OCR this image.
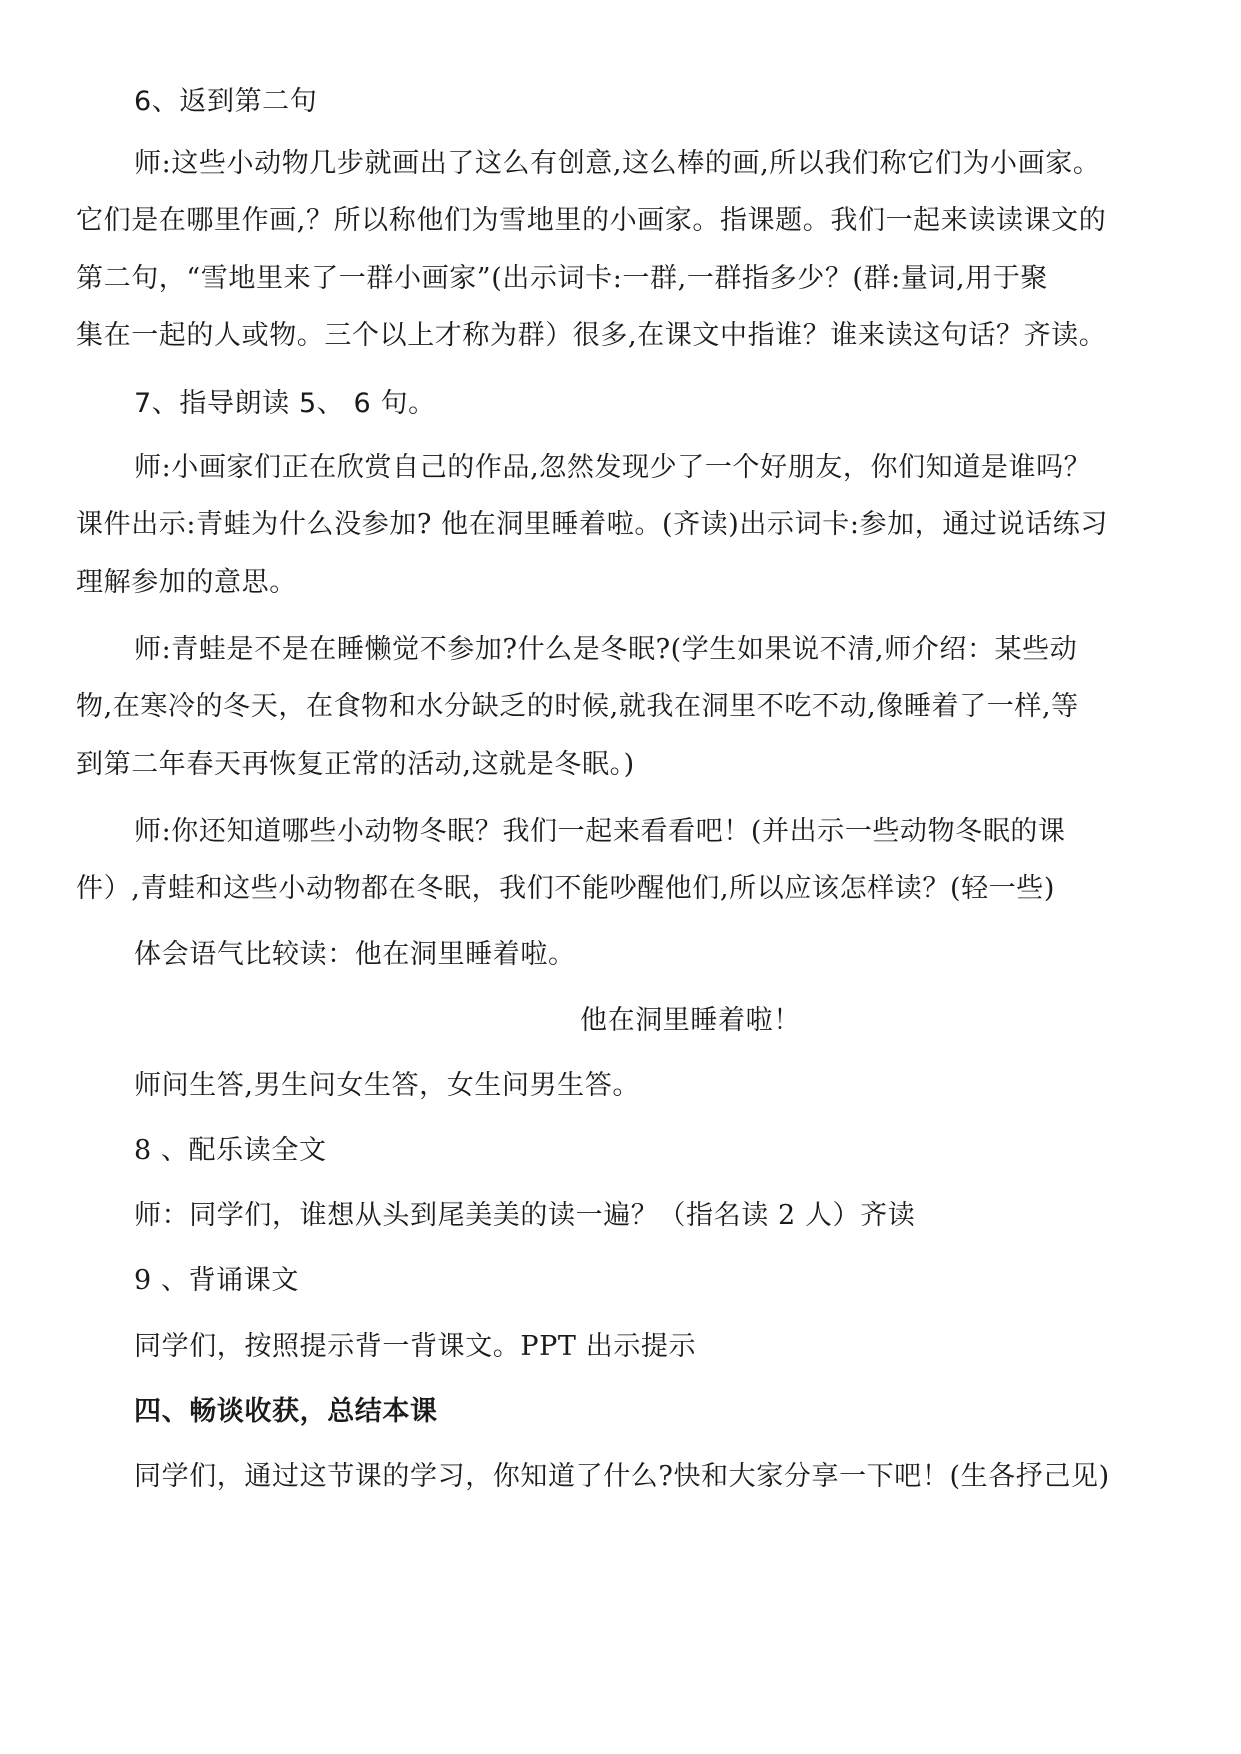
6、返到第二句
师:这些小动物几步就画出了这么有创意,这么棒的画,所以我们称它们为小画家。
它们是在哪里作画,？所以称他们为雪地里的小画家。指课题。我们一起来读读课文的
第二句，“雪地里来了一群小画家”(出示词卡:一群,一群指多少？(群:量词,用于聚
集在一起的人或物。三个以上才称为群）很多,在课文中指谁？谁来读这句话？齐读。
7、指导朗读 5、 6 句。
师:小画家们正在欣赏自己的作品,忽然发现少了一个好朋友，你们知道是谁吗？
课件出示:青蛙为什么没参加? 他在洞里睡着啦。(齐读)出示词卡:参加，通过说话练习
理解参加的意思。
师:青蛙是不是在睡懒觉不参加?什么是冬眠?(学生如果说不清,师介绍：某些动
物,在寒冷的冬天，在食物和水分缺乏的时候,就我在洞里不吃不动,像睡着了一样,等
到第二年春天再恢复正常的活动,这就是冬眠。)
师:你还知道哪些小动物冬眠？我们一起来看看吧！(并出示一些动物冬眠的课
件）,青蛙和这些小动物都在冬眠，我们不能吵醒他们,所以应该怎样读？(轻一些)
体会语气比较读：他在洞里睡着啦。
他在洞里睡着啦！
师问生答,男生问女生答，女生问男生答。
8 、配乐读全文
师：同学们，谁想从头到尾美美的读一遍？（指名读 2 人）齐读
9 、背诵课文
同学们，按照提示背一背课文。PPT 出示提示
四、畅谈收获，总结本课
同学们，通过这节课的学习，你知道了什么?快和大家分享一下吧！(生各抒己见)
